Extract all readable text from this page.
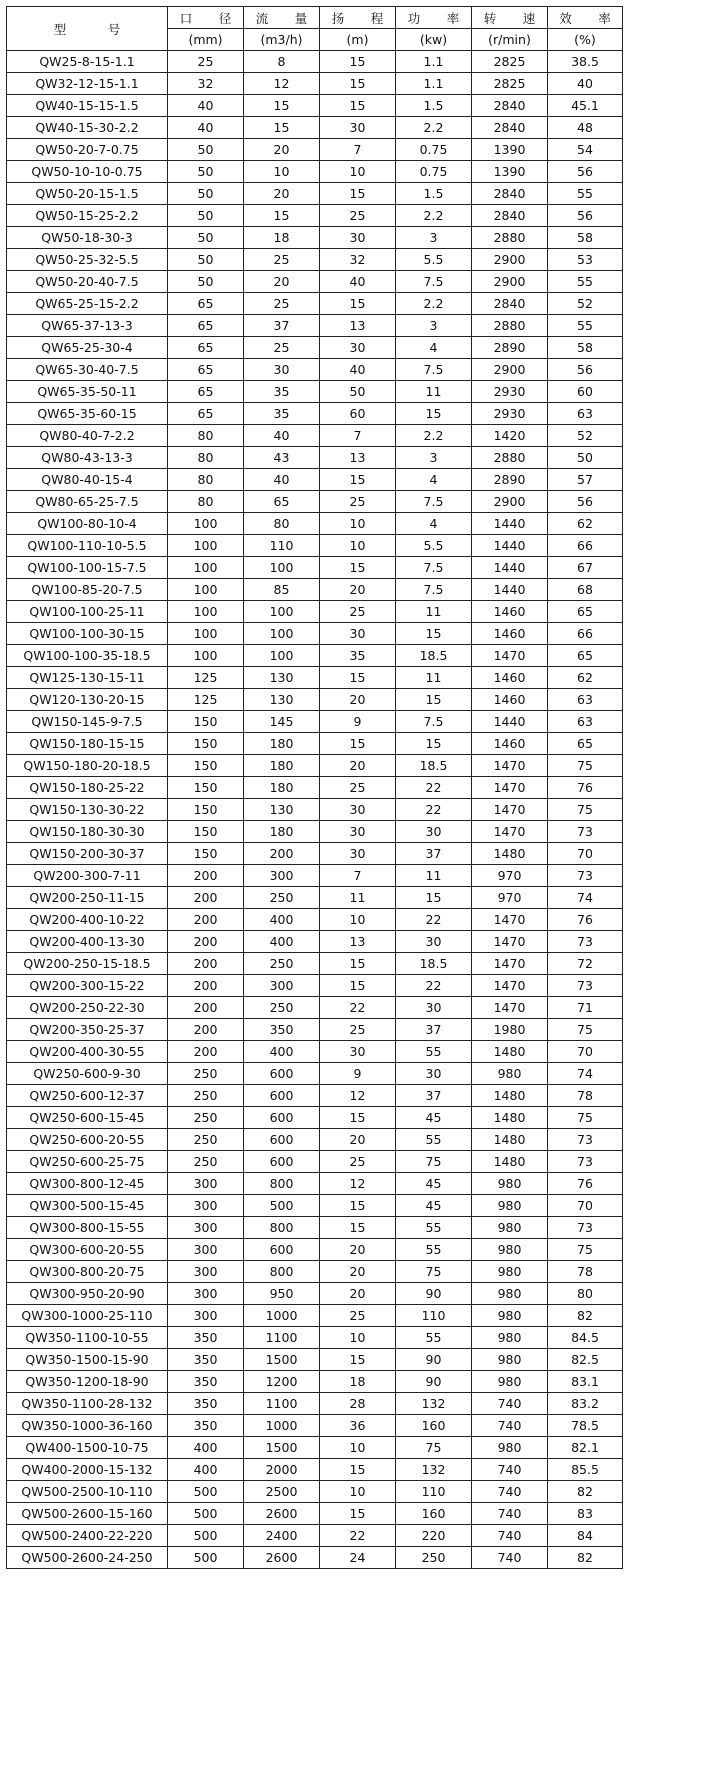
型 号	口 径	流 量	扬 程	功 率	转 速	效 率
	(mm)	(m3/h)	(m)	(kw)	(r/min)	(%)
QW25-8-15-1.1	25	8	15	1.1	2825	38.5
QW32-12-15-1.1	32	12	15	1.1	2825	40
QW40-15-15-1.5	40	15	15	1.5	2840	45.1
QW40-15-30-2.2	40	15	30	2.2	2840	48
QW50-20-7-0.75	50	20	7	0.75	1390	54
QW50-10-10-0.75	50	10	10	0.75	1390	56
QW50-20-15-1.5	50	20	15	1.5	2840	55
QW50-15-25-2.2	50	15	25	2.2	2840	56
QW50-18-30-3	50	18	30	3	2880	58
QW50-25-32-5.5	50	25	32	5.5	2900	53
QW50-20-40-7.5	50	20	40	7.5	2900	55
QW65-25-15-2.2	65	25	15	2.2	2840	52
QW65-37-13-3	65	37	13	3	2880	55
QW65-25-30-4	65	25	30	4	2890	58
QW65-30-40-7.5	65	30	40	7.5	2900	56
QW65-35-50-11	65	35	50	11	2930	60
QW65-35-60-15	65	35	60	15	2930	63
QW80-40-7-2.2	80	40	7	2.2	1420	52
QW80-43-13-3	80	43	13	3	2880	50
QW80-40-15-4	80	40	15	4	2890	57
QW80-65-25-7.5	80	65	25	7.5	2900	56
QW100-80-10-4	100	80	10	4	1440	62
QW100-110-10-5.5	100	110	10	5.5	1440	66
QW100-100-15-7.5	100	100	15	7.5	1440	67
QW100-85-20-7.5	100	85	20	7.5	1440	68
QW100-100-25-11	100	100	25	11	1460	65
QW100-100-30-15	100	100	30	15	1460	66
QW100-100-35-18.5	100	100	35	18.5	1470	65
QW125-130-15-11	125	130	15	11	1460	62
QW120-130-20-15	125	130	20	15	1460	63
QW150-145-9-7.5	150	145	9	7.5	1440	63
QW150-180-15-15	150	180	15	15	1460	65
QW150-180-20-18.5	150	180	20	18.5	1470	75
QW150-180-25-22	150	180	25	22	1470	76
QW150-130-30-22	150	130	30	22	1470	75
QW150-180-30-30	150	180	30	30	1470	73
QW150-200-30-37	150	200	30	37	1480	70
QW200-300-7-11	200	300	7	11	970	73
QW200-250-11-15	200	250	11	15	970	74
QW200-400-10-22	200	400	10	22	1470	76
QW200-400-13-30	200	400	13	30	1470	73
QW200-250-15-18.5	200	250	15	18.5	1470	72
QW200-300-15-22	200	300	15	22	1470	73
QW200-250-22-30	200	250	22	30	1470	71
QW200-350-25-37	200	350	25	37	1980	75
QW200-400-30-55	200	400	30	55	1480	70
QW250-600-9-30	250	600	9	30	980	74
QW250-600-12-37	250	600	12	37	1480	78
QW250-600-15-45	250	600	15	45	1480	75
QW250-600-20-55	250	600	20	55	1480	73
QW250-600-25-75	250	600	25	75	1480	73
QW300-800-12-45	300	800	12	45	980	76
QW300-500-15-45	300	500	15	45	980	70
QW300-800-15-55	300	800	15	55	980	73
QW300-600-20-55	300	600	20	55	980	75
QW300-800-20-75	300	800	20	75	980	78
QW300-950-20-90	300	950	20	90	980	80
QW300-1000-25-110	300	1000	25	110	980	82
QW350-1100-10-55	350	1100	10	55	980	84.5
QW350-1500-15-90	350	1500	15	90	980	82.5
QW350-1200-18-90	350	1200	18	90	980	83.1
QW350-1100-28-132	350	1100	28	132	740	83.2
QW350-1000-36-160	350	1000	36	160	740	78.5
QW400-1500-10-75	400	1500	10	75	980	82.1
QW400-2000-15-132	400	2000	15	132	740	85.5
QW500-2500-10-110	500	2500	10	110	740	82
QW500-2600-15-160	500	2600	15	160	740	83
QW500-2400-22-220	500	2400	22	220	740	84
QW500-2600-24-250	500	2600	24	250	740	82
